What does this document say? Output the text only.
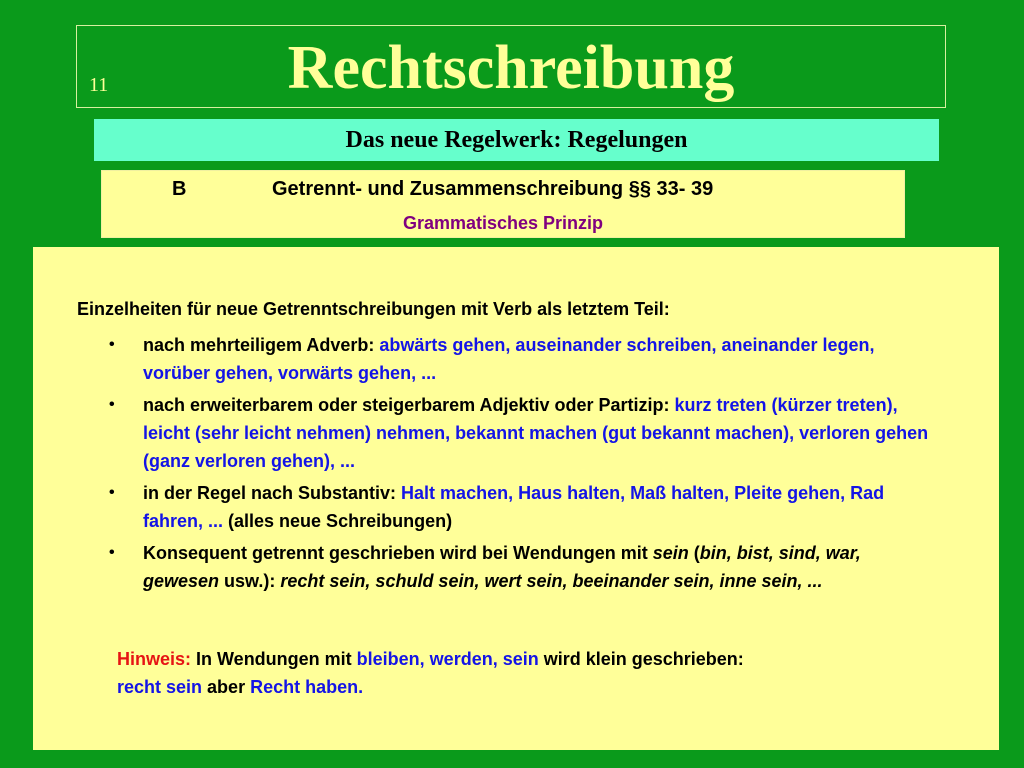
11	Rechtschreibung
Das neue Regelwerk: Regelungen
B	Getrennt- und Zusammenschreibung §§ 33- 39
Grammatisches Prinzip
Einzelheiten für neue Getrenntschreibungen mit Verb als letztem Teil:
• nach mehrteiligem Adverb: abwärts gehen, auseinander schreiben, aneinander legen, vorüber gehen, vorwärts gehen, ...
• nach erweiterbarem oder steigerbarem Adjektiv oder Partizip: kurz treten (kürzer treten), leicht (sehr leicht nehmen) nehmen, bekannt machen (gut bekannt machen), verloren gehen (ganz verloren gehen), ...
• in der Regel nach Substantiv: Halt machen, Haus halten, Maß halten, Pleite gehen, Rad fahren, ... (alles neue Schreibungen)
• Konsequent getrennt geschrieben wird bei Wendungen mit sein (bin, bist, sind, war, gewesen usw.): recht sein, schuld sein, wert sein, beeinander sein, inne sein, ...
Hinweis: In Wendungen mit bleiben, werden, sein wird klein geschrieben:
recht sein aber Recht haben.
